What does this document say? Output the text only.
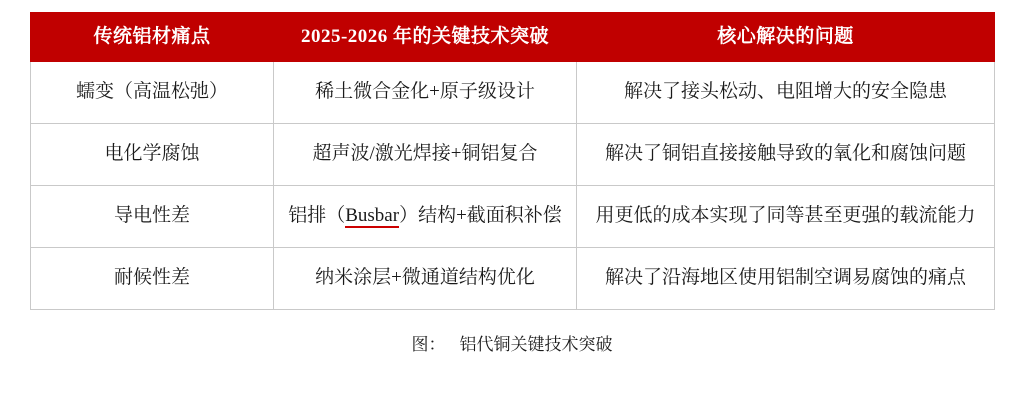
传统铝材痛点	2025-2026 年的关键技术突破	核心解决的问题
蠕变（高温松弛）	稀土微合金化+原子级设计	解决了接头松动、电阻增大的安全隐患
电化学腐蚀	超声波/激光焊接+铜铝复合	解决了铜铝直接接触导致的氧化和腐蚀问题
导电性差	铝排（Busbar）结构+截面积补偿	用更低的成本实现了同等甚至更强的载流能力
耐候性差	纳米涂层+微通道结构优化	解决了沿海地区使用铝制空调易腐蚀的痛点
图： 铝代铜关键技术突破
